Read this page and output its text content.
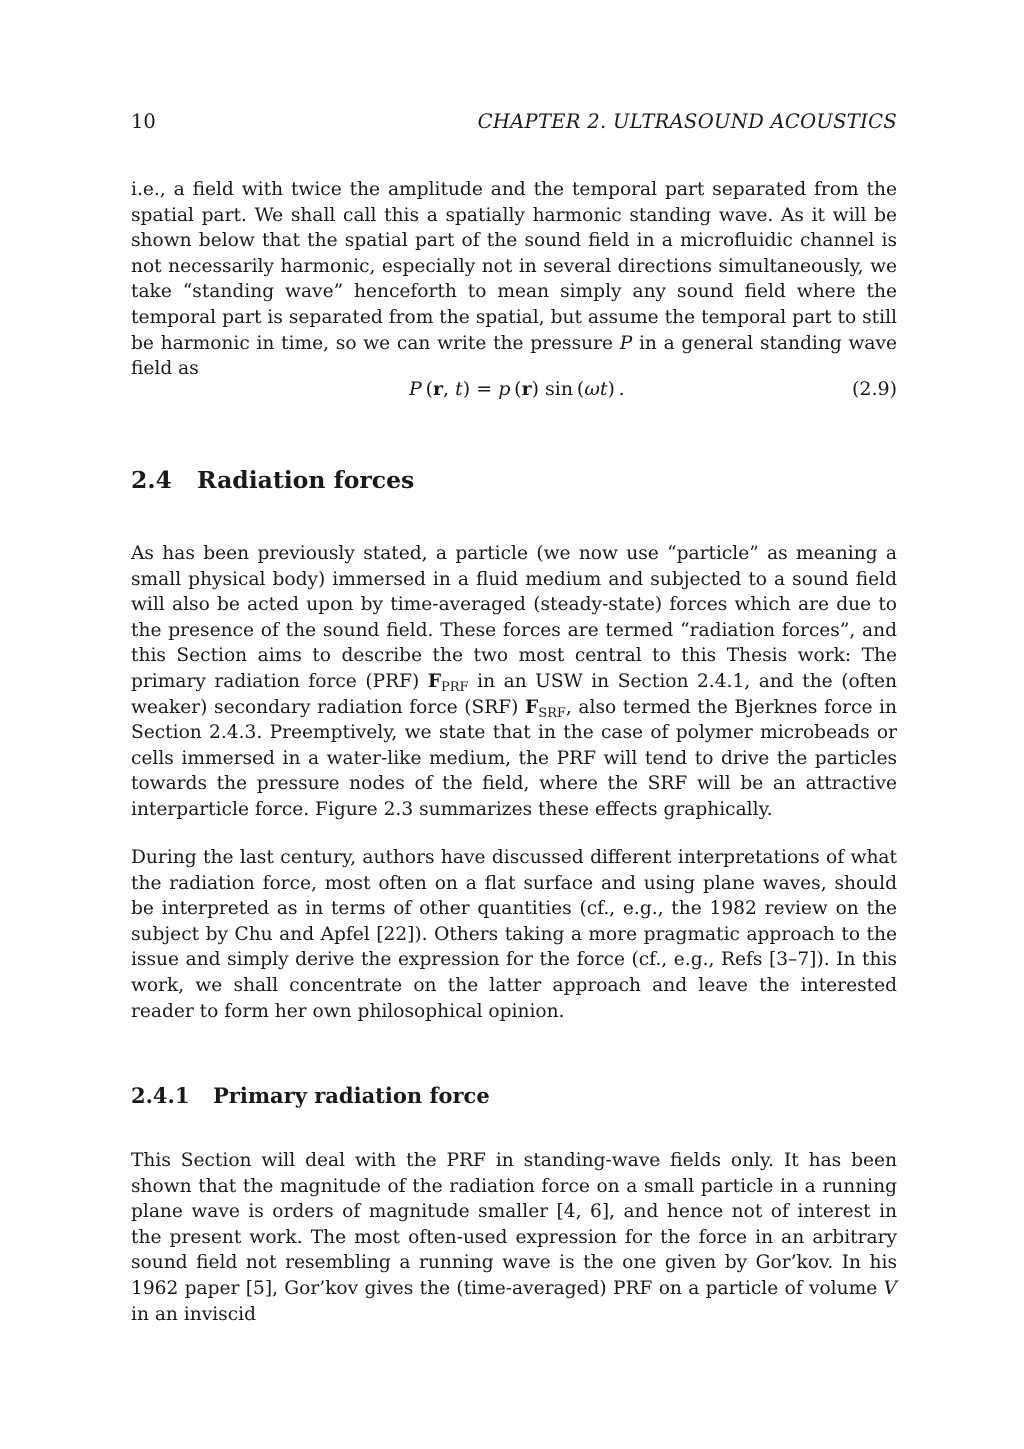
10	CHAPTER 2. ULTRASOUND ACOUSTICS

i.e., a field with twice the amplitude and the temporal part separated from the spatial part. We shall call this a spatially harmonic standing wave. As it will be shown below that the spatial part of the sound field in a microfluidic channel is not necessarily harmonic, especially not in several directions simultaneously, we take “standing wave” henceforth to mean simply any sound field where the temporal part is separated from the spatial, but assume the temporal part to still be harmonic in time, so we can write the pressure P in a general standing wave field as

P (r, t) = p (r) sin (ωt) .	(2.9)
2.4 Radiation forces

As has been previously stated, a particle (we now use “particle” as meaning a small physical body) immersed in a fluid medium and subjected to a sound field will also be acted upon by time-averaged (steady-state) forces which are due to the presence of the sound field. These forces are termed “radiation forces”, and this Section aims to describe the two most central to this Thesis work: The primary radiation force (PRF) $F_{PRF}$ in an USW in Section 2.4.1, and the (often weaker) secondary radiation force (SRF) $F_{SRF}$, also termed the Bjerknes force in Section 2.4.3. Preemptively, we state that in the case of polymer microbeads or cells immersed in a water-like medium, the PRF will tend to drive the particles towards the pressure nodes of the field, where the SRF will be an attractive interparticle force. Figure 2.3 summarizes these effects graphically.

During the last century, authors have discussed different interpretations of what the radiation force, most often on a flat surface and using plane waves, should be interpreted as in terms of other quantities (cf., e.g., the 1982 review on the subject by Chu and Apfel [22]). Others taking a more pragmatic approach to the issue and simply derive the expression for the force (cf., e.g., Refs [3–7]). In this work, we shall concentrate on the latter approach and leave the interested reader to form her own philosophical opinion.

2.4.1 Primary radiation force

This Section will deal with the PRF in standing-wave fields only. It has been shown that the magnitude of the radiation force on a small particle in a running plane wave is orders of magnitude smaller [4, 6], and hence not of interest in the present work. The most often-used expression for the force in an arbitrary sound field not resembling a running wave is the one given by Gor’kov. In his 1962 paper [5], Gor’kov gives the (time-averaged) PRF on a particle of volume V in an inviscid
